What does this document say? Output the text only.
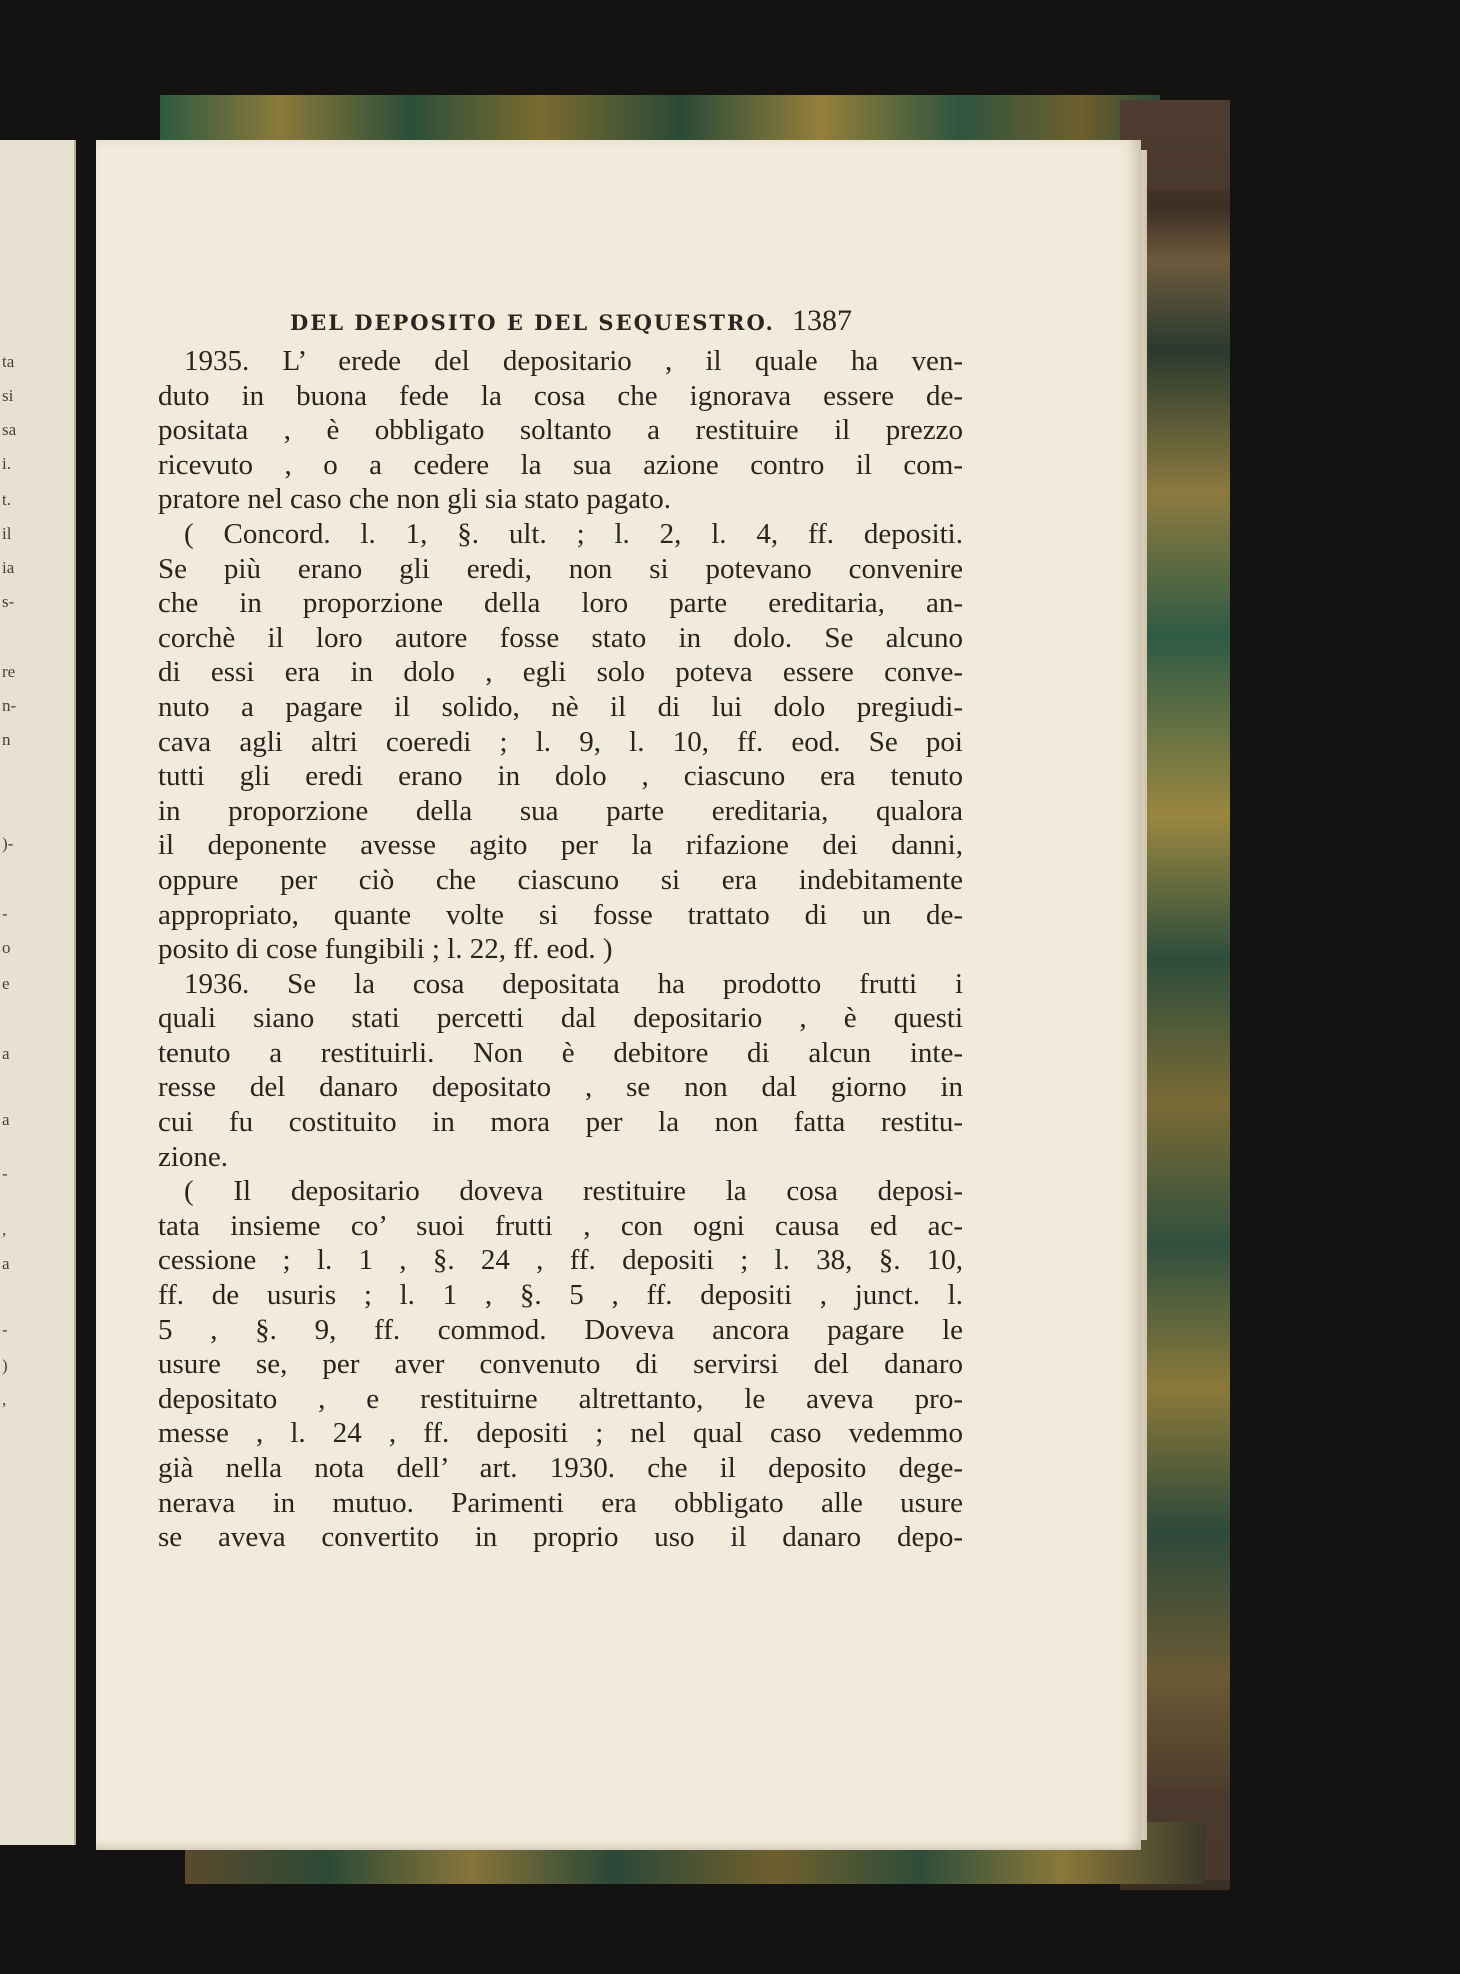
ta
si
sa
i.
t.
il
ia
s-
re
n-
n
)-
-
o
e
a
a
-
,
a
-
)
,
DEL DEPOSITO E DEL SEQUESTRO. 1387
1935. L’ erede del depositario , il quale ha ven-
duto in buona fede la cosa che ignorava essere de-
positata , è obbligato soltanto a restituire il prezzo
ricevuto , o a cedere la sua azione contro il com-
pratore nel caso che non gli sia stato pagato.
( Concord. l. 1, §. ult. ; l. 2, l. 4, ff. depositi.
Se più erano gli eredi, non si potevano convenire
che in proporzione della loro parte ereditaria, an-
corchè il loro autore fosse stato in dolo. Se alcuno
di essi era in dolo , egli solo poteva essere conve-
nuto a pagare il solido, nè il di lui dolo pregiudi-
cava agli altri coeredi ; l. 9, l. 10, ff. eod. Se poi
tutti gli eredi erano in dolo , ciascuno era tenuto
in proporzione della sua parte ereditaria, qualora
il deponente avesse agito per la rifazione dei danni,
oppure per ciò che ciascuno si era indebitamente
appropriato, quante volte si fosse trattato di un de-
posito di cose fungibili ; l. 22, ff. eod. )
1936. Se la cosa depositata ha prodotto frutti i
quali siano stati percetti dal depositario , è questi
tenuto a restituirli. Non è debitore di alcun inte-
resse del danaro depositato , se non dal giorno in
cui fu costituito in mora per la non fatta restitu-
zione.
( Il depositario doveva restituire la cosa deposi-
tata insieme co’ suoi frutti , con ogni causa ed ac-
cessione ; l. 1 , §. 24 , ff. depositi ; l. 38, §. 10,
ff. de usuris ; l. 1 , §. 5 , ff. depositi , junct. l.
5 , §. 9, ff. commod. Doveva ancora pagare le
usure se, per aver convenuto di servirsi del danaro
depositato , e restituirne altrettanto, le aveva pro-
messe , l. 24 , ff. depositi ; nel qual caso vedemmo
già nella nota dell’ art. 1930. che il deposito dege-
nerava in mutuo. Parimenti era obbligato alle usure
se aveva convertito in proprio uso il danaro depo-
